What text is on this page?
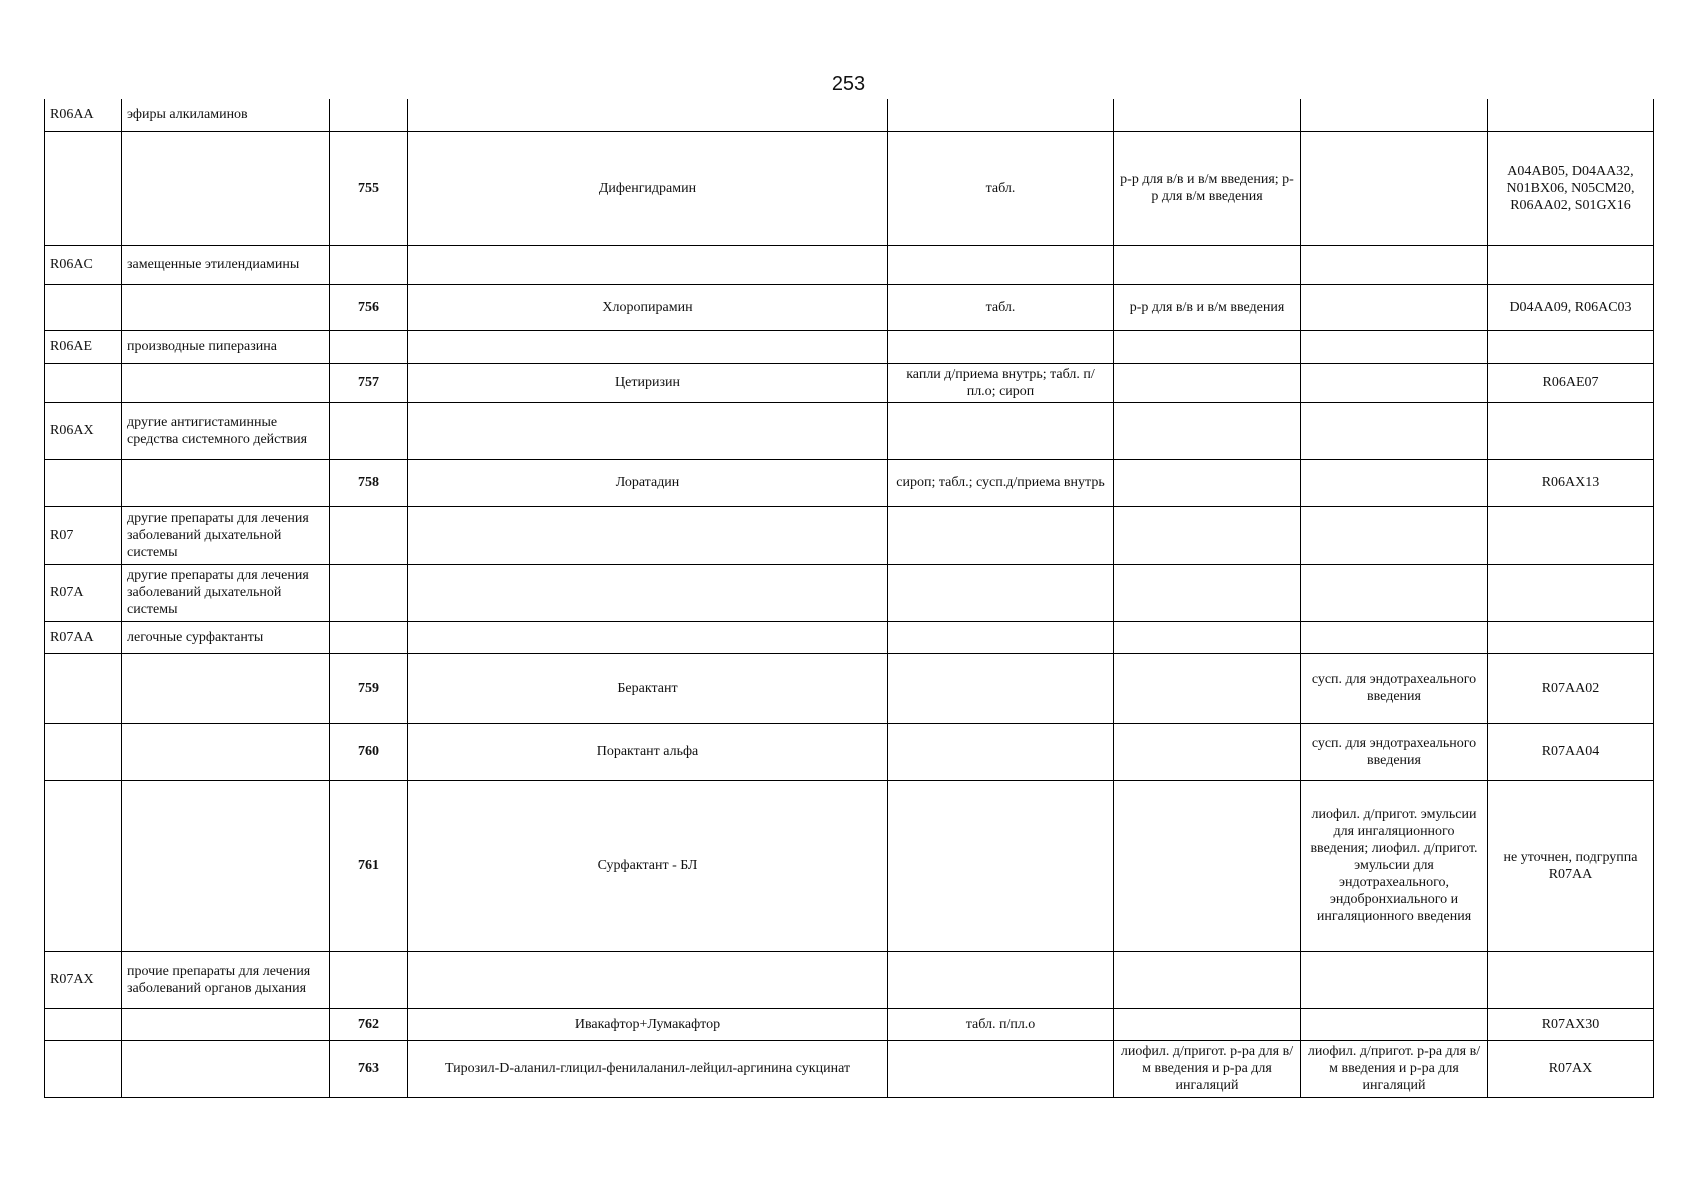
253
R06AA	эфиры алкиламинов						
		755	Дифенгидрамин	табл.	р-р для в/в и в/м введения; р-р для в/м введения		A04AB05, D04AA32, N01BX06, N05CM20, R06AA02, S01GX16
R06AC	замещенные этилендиамины						
		756	Хлоропирамин	табл.	р-р для в/в и в/м введения		D04AA09, R06AC03
R06AE	производные пиперазина						
		757	Цетиризин	капли д/приема внутрь; табл. п/пл.о; сироп			R06AE07
R06AX	другие антигистаминные средства системного действия						
		758	Лоратадин	сироп; табл.; сусп.д/приема внутрь			R06AX13
R07	другие препараты для лечения заболеваний дыхательной системы						
R07A	другие препараты для лечения заболеваний дыхательной системы						
R07AA	легочные сурфактанты						
		759	Берактант			сусп. для эндотрахеального введения	R07AA02
		760	Порактант альфа			сусп. для эндотрахеального введения	R07AA04
		761	Сурфактант - БЛ			лиофил. д/пригот. эмульсии для ингаляционного введения; лиофил. д/пригот. эмульсии для эндотрахеального, эндобронхиального и ингаляционного введения	не уточнен, подгруппа R07AA
R07AX	прочие препараты для лечения заболеваний органов дыхания						
		762	Ивакафтор+Лумакафтор	табл. п/пл.о			R07AX30
		763	Тирозил-D-аланил-глицил-фенилаланил-лейцил-аргинина сукцинат		лиофил. д/пригот. р-ра для в/м введения и р-ра для ингаляций	лиофил. д/пригот. р-ра для в/м введения и р-ра для ингаляций	R07AX
